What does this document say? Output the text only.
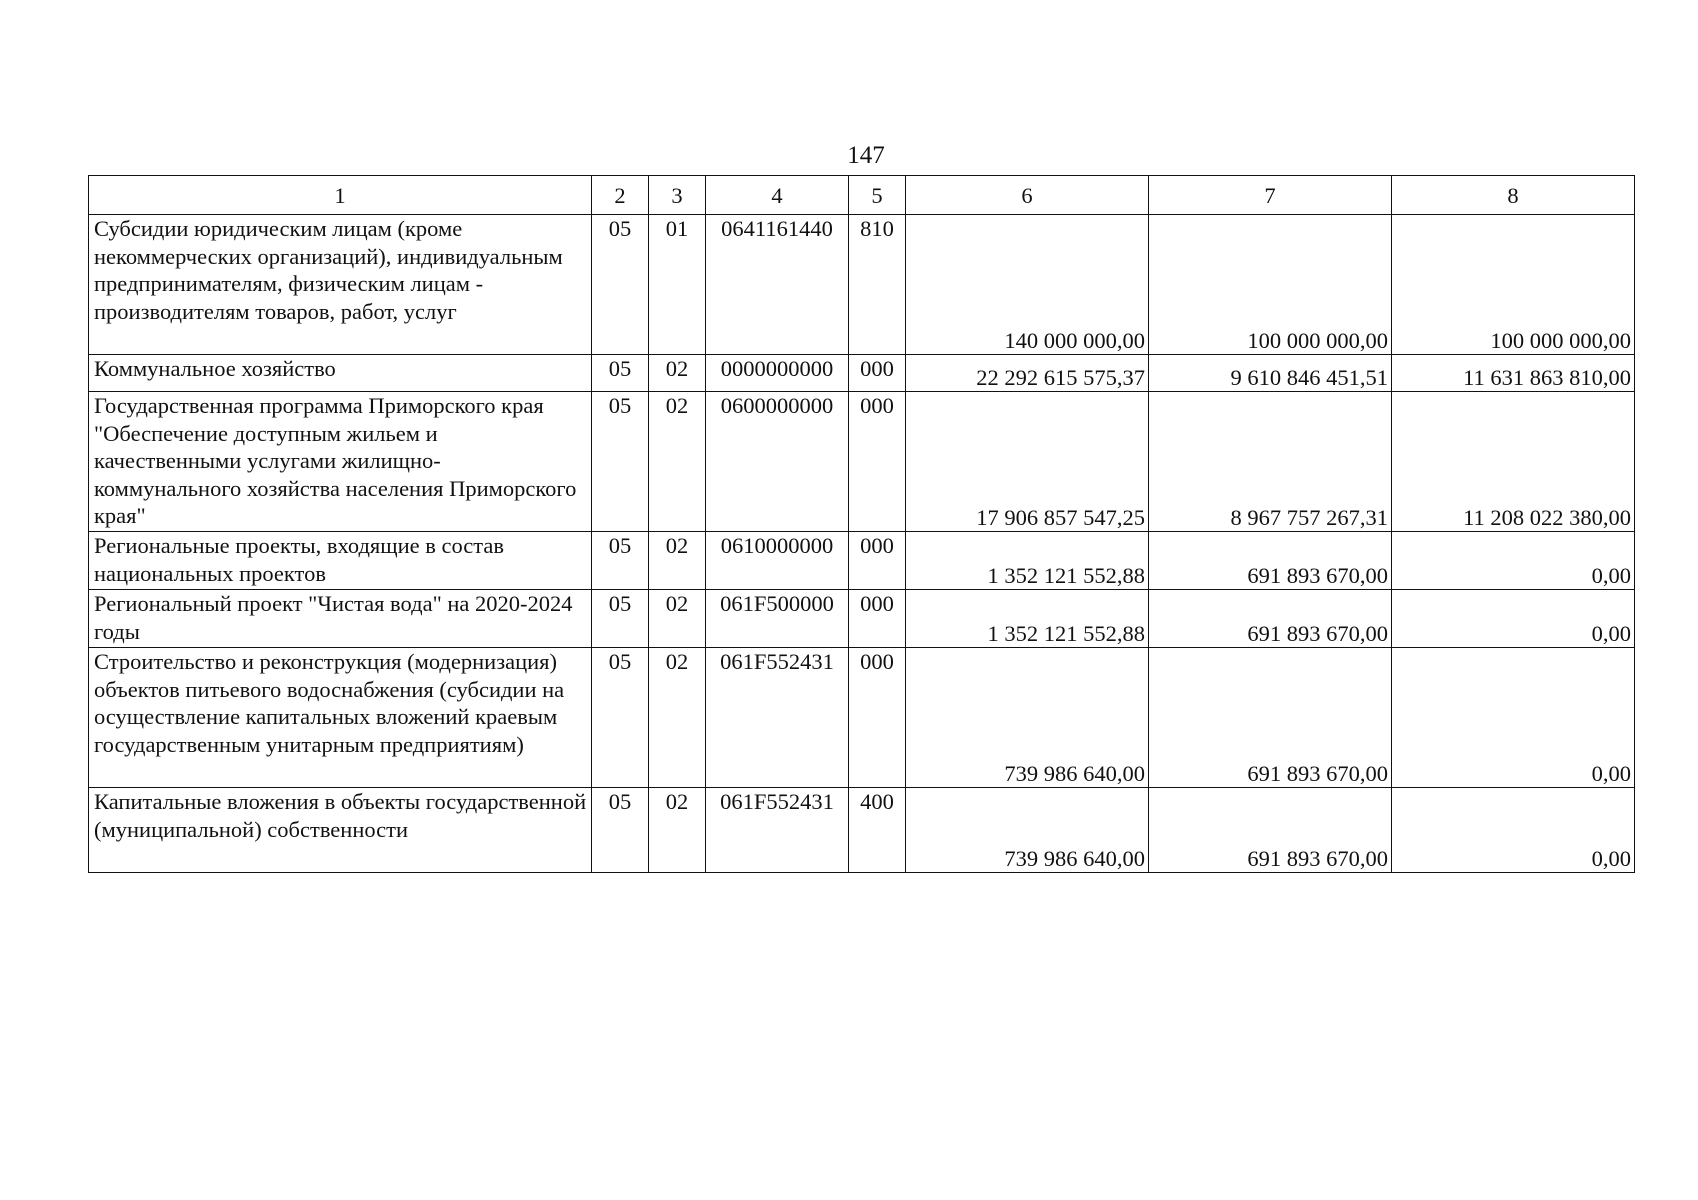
147
1	2	3	4	5	6	7	8
Субсидии юридическим лицам (кроме некоммерческих организаций), индивидуальным предпринимателям, физическим лицам - производителям товаров, работ, услуг	05	01	0641161440	810	140 000 000,00	100 000 000,00	100 000 000,00
Коммунальное хозяйство	05	02	0000000000	000	22 292 615 575,37	9 610 846 451,51	11 631 863 810,00
Государственная программа Приморского края "Обеспечение доступным жильем и качественными услугами жилищно-коммунального хозяйства населения Приморского края"	05	02	0600000000	000	17 906 857 547,25	8 967 757 267,31	11 208 022 380,00
Региональные проекты, входящие в состав национальных проектов	05	02	0610000000	000	1 352 121 552,88	691 893 670,00	0,00
Региональный проект "Чистая вода" на 2020-2024 годы	05	02	061F500000	000	1 352 121 552,88	691 893 670,00	0,00
Строительство и реконструкция (модернизация) объектов питьевого водоснабжения (субсидии на осуществление капитальных вложений краевым государственным унитарным предприятиям)	05	02	061F552431	000	739 986 640,00	691 893 670,00	0,00
Капитальные вложения в объекты государственной (муниципальной) собственности	05	02	061F552431	400	739 986 640,00	691 893 670,00	0,00
